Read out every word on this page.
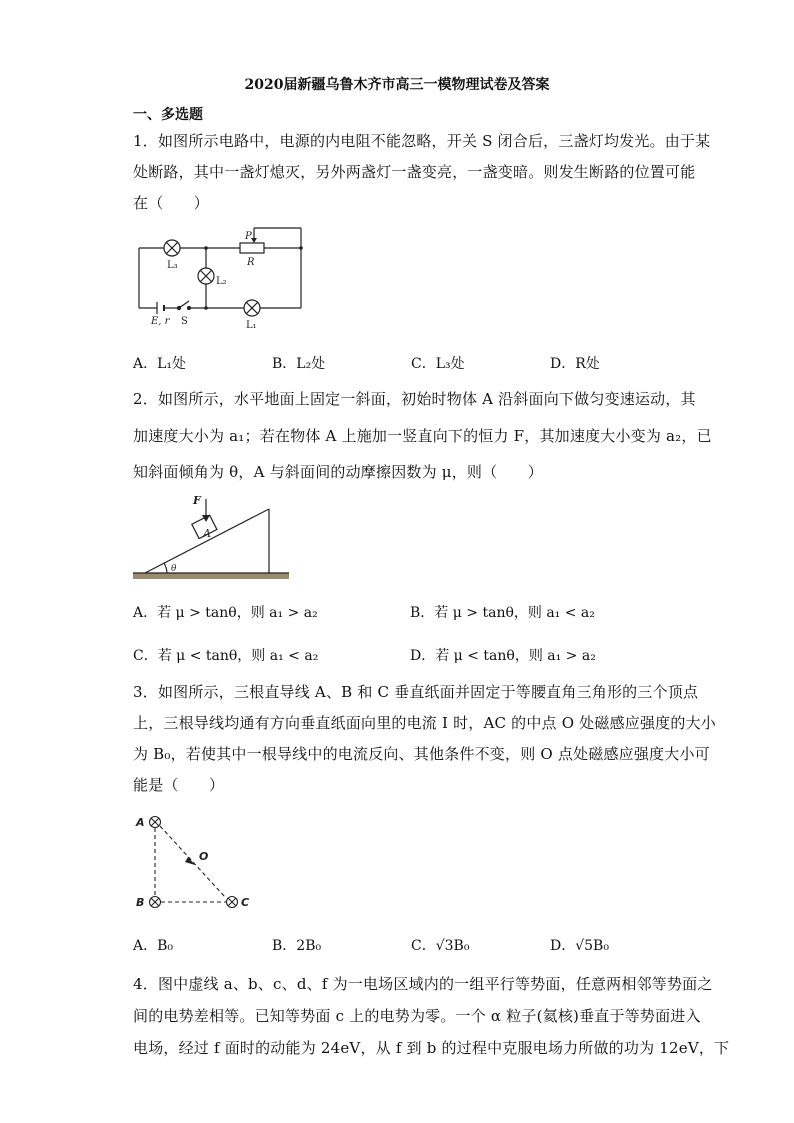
2020届新疆乌鲁木齐市高三一模物理试卷及答案
一、多选题
1．如图所示电路中，电源的内电阻不能忽略，开关 S 闭合后，三盏灯均发光。由于某
处断路，其中一盏灯熄灭，另外两盏灯一盏变亮，一盏变暗。则发生断路的位置可能
在（　　）
L₃
L₂
L₁
P
R
S
E, r
A．L₁处	B．L₂处	C．L₃处	D．R处
2．如图所示，水平地面上固定一斜面，初始时物体 A 沿斜面向下做匀变速运动，其
加速度大小为 a₁；若在物体 A 上施加一竖直向下的恒力 F，其加速度大小变为 a₂，已
知斜面倾角为 θ，A 与斜面间的动摩擦因数为 μ，则（　　）
F
A
θ
A．若 μ > tanθ，则 a₁ > a₂	B．若 μ > tanθ，则 a₁ < a₂
C．若 μ < tanθ，则 a₁ < a₂	D．若 μ < tanθ，则 a₁ > a₂
3．如图所示，三根直导线 A、B 和 C 垂直纸面并固定于等腰直角三角形的三个顶点
上，三根导线均通有方向垂直纸面向里的电流 I 时，AC 的中点 O 处磁感应强度的大小
为 B₀，若使其中一根导线中的电流反向、其他条件不变，则 O 点处磁感应强度大小可
能是（　　）
A
B	C
O
A．B₀	B．2B₀	C．√3B₀	D．√5B₀
4．图中虚线 a、b、c、d、f 为一电场区域内的一组平行等势面，任意两相邻等势面之
间的电势差相等。已知等势面 c 上的电势为零。一个 α 粒子(氦核)垂直于等势面进入
电场，经过 f 面时的动能为 24eV，从 f 到 b 的过程中克服电场力所做的功为 12eV，下
